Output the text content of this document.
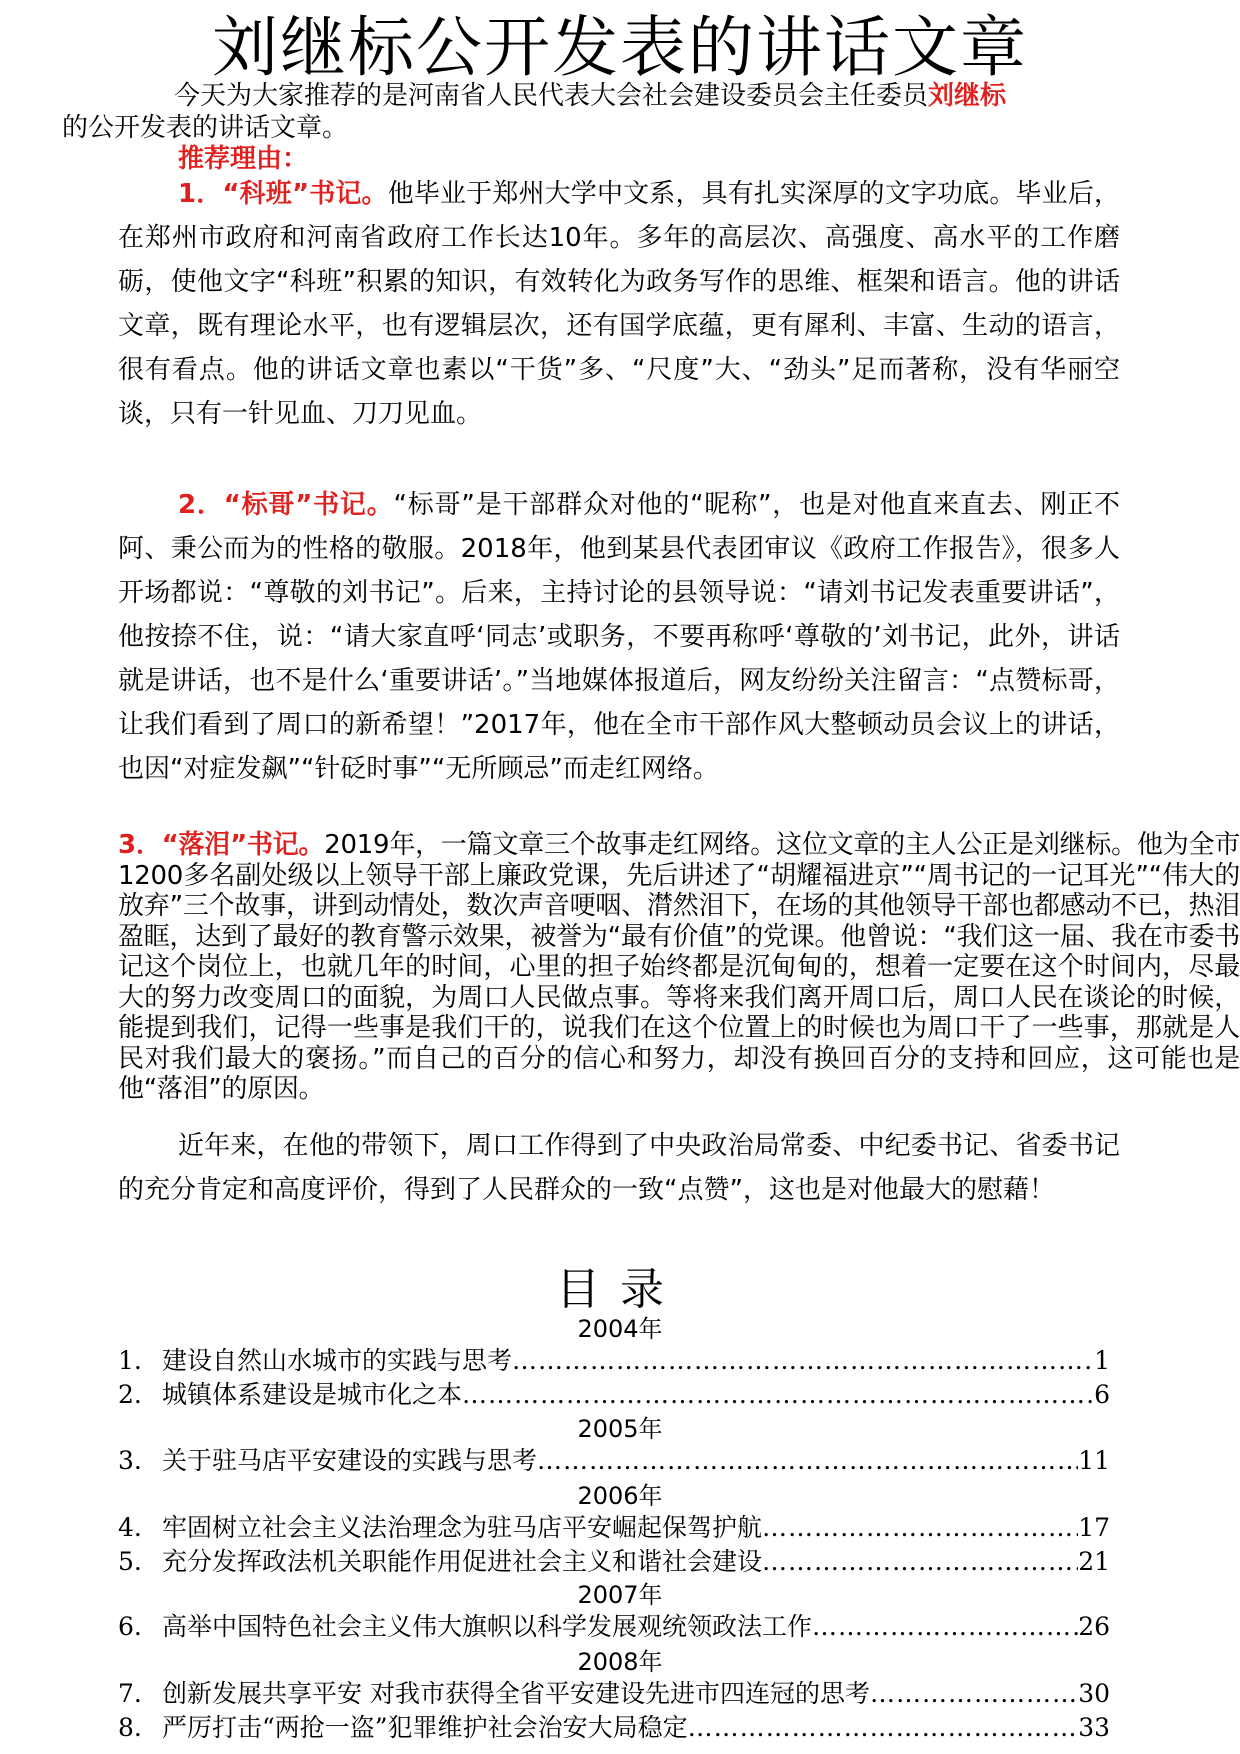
刘继标公开发表的讲话文章

今天为大家推荐的是河南省人民代表大会社会建设委员会主任委员刘继标
的公开发表的讲话文章。

推荐理由：

1．“科班”书记。他毕业于郑州大学中文系，具有扎实深厚的文字功底。毕业后，在郑州市政府和河南省政府工作长达10年。多年的高层次、高强度、高水平的工作磨砺，使他文字“科班”积累的知识，有效转化为政务写作的思维、框架和语言。他的讲话文章，既有理论水平，也有逻辑层次，还有国学底蕴，更有犀利、丰富、生动的语言，很有看点。他的讲话文章也素以“干货”多、“尺度”大、“劲头”足而著称，没有华丽空谈，只有一针见血、刀刀见血。

2．“标哥”书记。“标哥”是干部群众对他的“昵称”，也是对他直来直去、刚正不阿、秉公而为的性格的敬服。2018年，他到某县代表团审议《政府工作报告》，很多人开场都说：“尊敬的刘书记”。后来，主持讨论的县领导说：“请刘书记发表重要讲话”，他按捺不住，说：“请大家直呼‘同志’或职务，不要再称呼‘尊敬的’刘书记，此外，讲话就是讲话，也不是什么‘重要讲话’。”当地媒体报道后，网友纷纷关注留言：“点赞标哥，让我们看到了周口的新希望！”2017年，他在全市干部作风大整顿动员会议上的讲话，也因“对症发飙”“针砭时事”“无所顾忌”而走红网络。

3．“落泪”书记。2019年，一篇文章三个故事走红网络。这位文章的主人公正是刘继标。他为全市1200多名副处级以上领导干部上廉政党课，先后讲述了“胡耀福进京”“周书记的一记耳光”“伟大的放弃”三个故事，讲到动情处，数次声音哽咽、潸然泪下，在场的其他领导干部也都感动不已，热泪盈眶，达到了最好的教育警示效果，被誉为“最有价值”的党课。他曾说：“我们这一届、我在市委书记这个岗位上，也就几年的时间，心里的担子始终都是沉甸甸的，想着一定要在这个时间内，尽最大的努力改变周口的面貌，为周口人民做点事。等将来我们离开周口后，周口人民在谈论的时候，能提到我们，记得一些事是我们干的，说我们在这个位置上的时候也为周口干了一些事，那就是人民对我们最大的褒扬。”而自己的百分的信心和努力，却没有换回百分的支持和回应，这可能也是他“落泪”的原因。

近年来，在他的带领下，周口工作得到了中央政治局常委、中纪委书记、省委书记的充分肯定和高度评价，得到了人民群众的一致“点赞”，这也是对他最大的慰藉！

目录
2004年
1. 建设自然山水城市的实践与思考 ……………………………………………………………………………………………………………………………………	1
2. 城镇体系建设是城市化之本 ……………………………………………………………………………………………………………………………………	6
2005年
3. 关于驻马店平安建设的实践与思考 ……………………………………………………………………………………………………………………………………	11
2006年
4. 牢固树立社会主义法治理念为驻马店平安崛起保驾护航 ……………………………………………………………………………………………………………………………………	17
5. 充分发挥政法机关职能作用促进社会主义和谐社会建设 ……………………………………………………………………………………………………………………………………	21
2007年
6. 高举中国特色社会主义伟大旗帜以科学发展观统领政法工作 ……………………………………………………………………………………………………………………………………	26
2008年
7. 创新发展共享平安 对我市获得全省平安建设先进市四连冠的思考 ……………………………………………………………………………………………………………………………………	30
8. 严厉打击“两抢一盗”犯罪维护社会治安大局稳定 ……………………………………………………………………………………………………………………………………	33
